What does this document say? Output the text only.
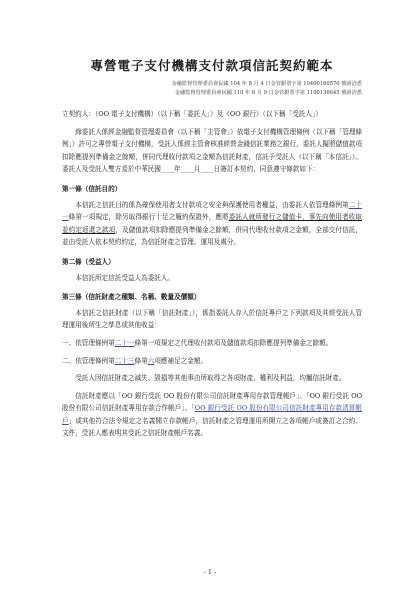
專營電子支付機構支付款項信託契約範本
金融監督管理委員會民國 104 年 8 月 4 日金管銀票字第 10400160570 號函洽悉
金融監督管理委員會民國 110 年 6 月 9 日金管銀票字第 1100136645 號函洽悉

立契約人：（OO 電子支付機構）（以下稱「委託人」）及（OO 銀行）（以下稱「受託人」）

緣委託人係經金融監督管理委員會（以下稱「主管會」）依電子支付機構管理條例（以下稱「管理條例」）許可之專營電子支付機構，受託人係經主管會核准經營金錢信託業務之銀行，委託人擬將儲值款項扣除應提列準備金之餘額，併同代理收付款項之金額為信託財產，信託予受託人（以下稱「本信託」）。委託人及受託人雙方爰於中華民國____年____月____日簽訂本契約，同意遵守條款如下：

第一條（信託目的）

本信託之信託目的係為確保使用者支付款項之安全與保護使用者權益，由委託人依管理條例第二十一條第一項規定，除另取得銀行十足之履約保證外，應將委託人就所發行之儲值卡，事先向使用者收取並約定返還之款項，及儲值款項扣除應提列準備金之餘額，併同代理收付款項之金額，全部交付信託，並由受託人依本契約約定，為信託財產之管理、運用及處分。

第二條（受益人）

本信託所定信託受益人為委託人。

第三條（信託財產之種類、名稱、數量及價額）

本信託之信託財產（以下稱「信託財產」），係指委託人存入於信託專戶之下列款項及其經受託人管理運用後所生之孳息或其他收益：

一、依管理條例第二十一條第一項規定之代理收付款項及儲值款項扣除應提列準備金之餘額。

二、依管理條例第二十三條第六項應補足之金額。

受託人因信託財產之滅失、毀損等其他事由所取得之各項財產、權利及利益，均屬信託財產。

信託財產應以「OO 銀行受託 OO 股份有限公司信託財產專用存款管理帳戶」、「OO 銀行受託 OO 股份有限公司信託財產專用存款合作帳戶」、「OO 銀行受託 OO 股份有限公司信託財產專用存款清算帳戶」或其他符合法令規定之名義開立存款帳戶，信託財產之管理運用所開立之各項帳戶或簽訂之合約、文件，受託人應表明其受託之信託財產帳戶名義。

- 1 -
